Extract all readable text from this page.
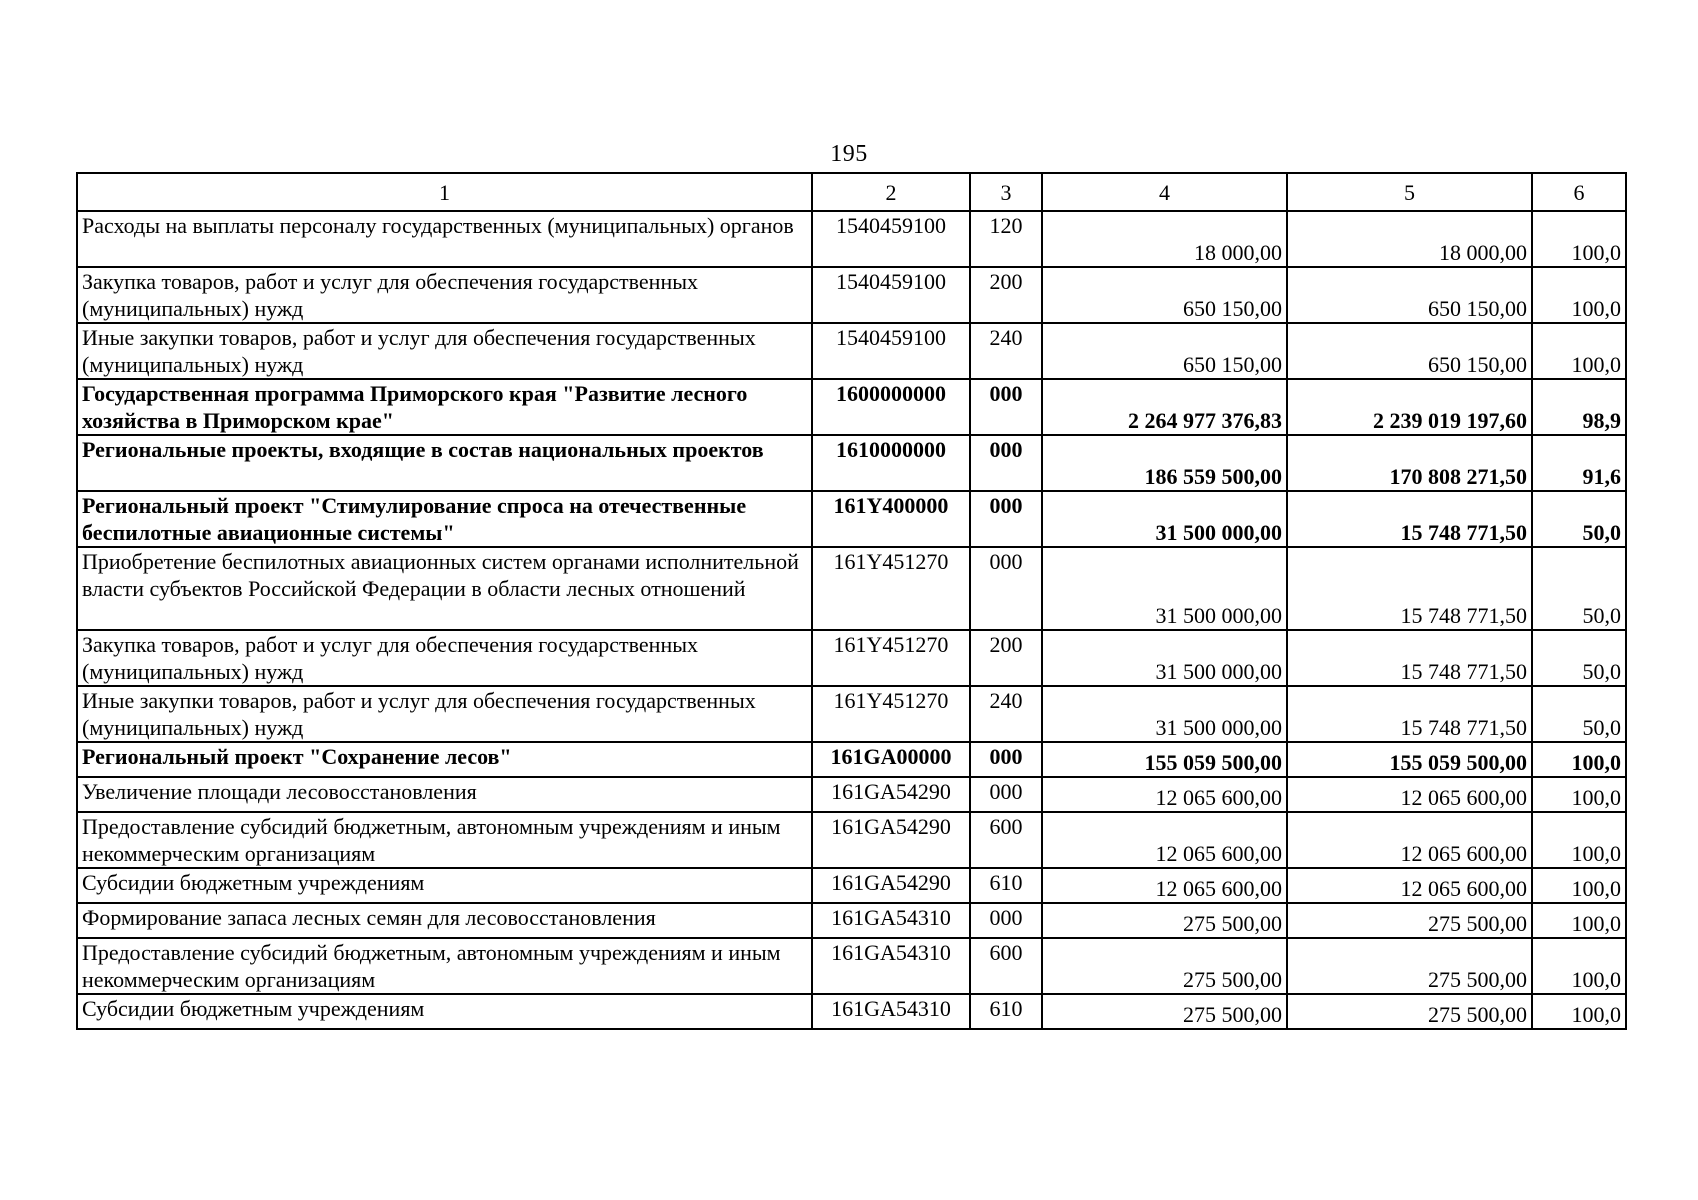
195
1	2	3	4	5	6
Расходы на выплаты персоналу государственных (муниципальных) органов	1540459100	120	18 000,00	18 000,00	100,0
Закупка товаров, работ и услуг для обеспечения государственных (муниципальных) нужд	1540459100	200	650 150,00	650 150,00	100,0
Иные закупки товаров, работ и услуг для обеспечения государственных (муниципальных) нужд	1540459100	240	650 150,00	650 150,00	100,0
Государственная программа Приморского края "Развитие лесного хозяйства в Приморском крае"	1600000000	000	2 264 977 376,83	2 239 019 197,60	98,9
Региональные проекты, входящие в состав национальных проектов	1610000000	000	186 559 500,00	170 808 271,50	91,6
Региональный проект "Стимулирование спроса на отечественные беспилотные авиационные системы"	161Y400000	000	31 500 000,00	15 748 771,50	50,0
Приобретение беспилотных авиационных систем органами исполнительной власти субъектов Российской Федерации в области лесных отношений	161Y451270	000	31 500 000,00	15 748 771,50	50,0
Закупка товаров, работ и услуг для обеспечения государственных (муниципальных) нужд	161Y451270	200	31 500 000,00	15 748 771,50	50,0
Иные закупки товаров, работ и услуг для обеспечения государственных (муниципальных) нужд	161Y451270	240	31 500 000,00	15 748 771,50	50,0
Региональный проект "Сохранение лесов"	161GA00000	000	155 059 500,00	155 059 500,00	100,0
Увеличение площади лесовосстановления	161GA54290	000	12 065 600,00	12 065 600,00	100,0
Предоставление субсидий бюджетным, автономным учреждениям и иным некоммерческим организациям	161GA54290	600	12 065 600,00	12 065 600,00	100,0
Субсидии бюджетным учреждениям	161GA54290	610	12 065 600,00	12 065 600,00	100,0
Формирование запаса лесных семян для лесовосстановления	161GA54310	000	275 500,00	275 500,00	100,0
Предоставление субсидий бюджетным, автономным учреждениям и иным некоммерческим организациям	161GA54310	600	275 500,00	275 500,00	100,0
Субсидии бюджетным учреждениям	161GA54310	610	275 500,00	275 500,00	100,0
